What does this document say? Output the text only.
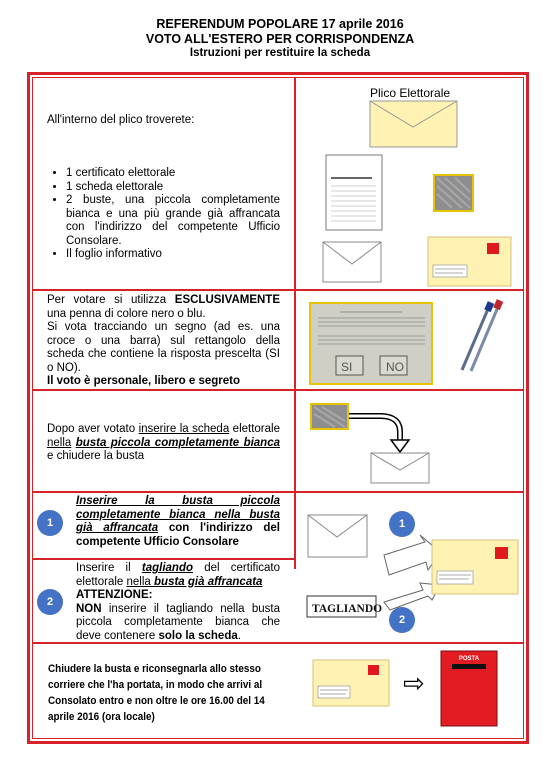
REFERENDUM POPOLARE 17 aprile 2016
VOTO ALL'ESTERO PER CORRISPONDENZA
Istruzioni per restituire la scheda
All'interno del plico troverete:
• 1 certificato elettorale
• 1 scheda elettorale
• 2 buste, una piccola completamente bianca e una più grande già affrancata con l'indirizzo del competente Ufficio Consolare.
• Il foglio informativo
Plico Elettorale
SI	NO
TAGLIANDO
POSTA
Per votare si utilizza ESCLUSIVAMENTE una penna di colore nero o blu.
Si vota tracciando un segno (ad es. una croce o una barra) sul rettangolo della scheda che contiene la risposta prescelta (SI o NO).
Il voto è personale, libero e segreto
Dopo aver votato inserire la scheda elettorale nella busta piccola completamente bianca e chiudere la busta
1
Inserire la busta piccola completamente bianca nella busta già affrancata con l'indirizzo del competente Ufficio Consolare
2
Inserire il tagliando del certificato elettorale nella busta già affrancata
ATTENZIONE:
NON inserire il tagliando nella busta piccola completamente bianca che deve contenere solo la scheda.
1
2
Chiudere la busta e riconsegnarla allo stesso corriere che l'ha portata, in modo che arrivi al Consolato entro e non oltre le ore 16.00 del 14 aprile 2016 (ora locale)
⇨
